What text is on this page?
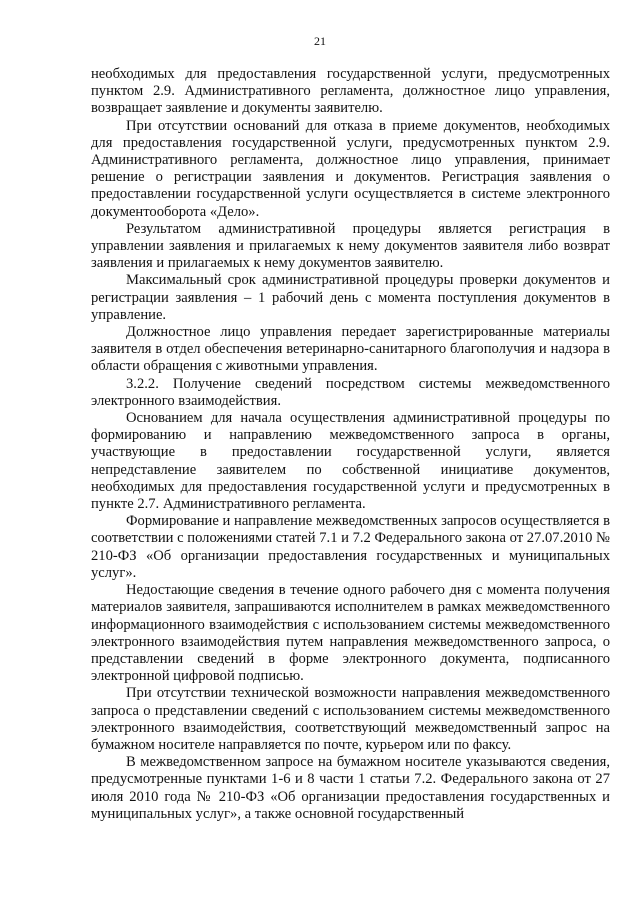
21

необходимых для предоставления государственной услуги, предусмотренных пунктом 2.9. Административного регламента, должностное лицо управления, возвращает заявление и документы заявителю.

При отсутствии оснований для отказа в приеме документов, необходимых для предоставления государственной услуги, предусмотренных пунктом 2.9. Административного регламента, должностное лицо управления, принимает решение о регистрации заявления и документов. Регистрация заявления о предоставлении государственной услуги осуществляется в системе электронного документооборота «Дело».

Результатом административной процедуры является регистрация в управлении заявления и прилагаемых к нему документов заявителя либо возврат заявления и прилагаемых к нему документов заявителю.

Максимальный срок административной процедуры проверки документов и регистрации заявления – 1 рабочий день с момента поступления документов в управление.

Должностное лицо управления передает зарегистрированные материалы заявителя в отдел обеспечения ветеринарно-санитарного благополучия и надзора в области обращения с животными управления.

3.2.2. Получение сведений посредством системы межведомственного электронного взаимодействия.

Основанием для начала осуществления административной процедуры по формированию и направлению межведомственного запроса в органы, участвующие в предоставлении государственной услуги, является непредставление заявителем по собственной инициативе документов, необходимых для предоставления государственной услуги и предусмотренных в пункте 2.7. Административного регламента.

Формирование и направление межведомственных запросов осуществляется в соответствии с положениями статей 7.1 и 7.2 Федерального закона от 27.07.2010 № 210-ФЗ «Об организации предоставления государственных и муниципальных услуг».

Недостающие сведения в течение одного рабочего дня с момента получения материалов заявителя, запрашиваются исполнителем в рамках межведомственного информационного взаимодействия с использованием системы межведомственного электронного взаимодействия путем направления межведомственного запроса, о представлении сведений в форме электронного документа, подписанного электронной цифровой подписью.

При отсутствии технической возможности направления межведомственного запроса о представлении сведений с использованием системы межведомственного электронного взаимодействия, соответствующий межведомственный запрос на бумажном носителе направляется по почте, курьером или по факсу.

В межведомственном запросе на бумажном носителе указываются сведения, предусмотренные пунктами 1-6 и 8 части 1 статьи 7.2. Федерального закона от 27 июля 2010 года № 210-ФЗ «Об организации предоставления государственных и муниципальных услуг», а также основной государственный
